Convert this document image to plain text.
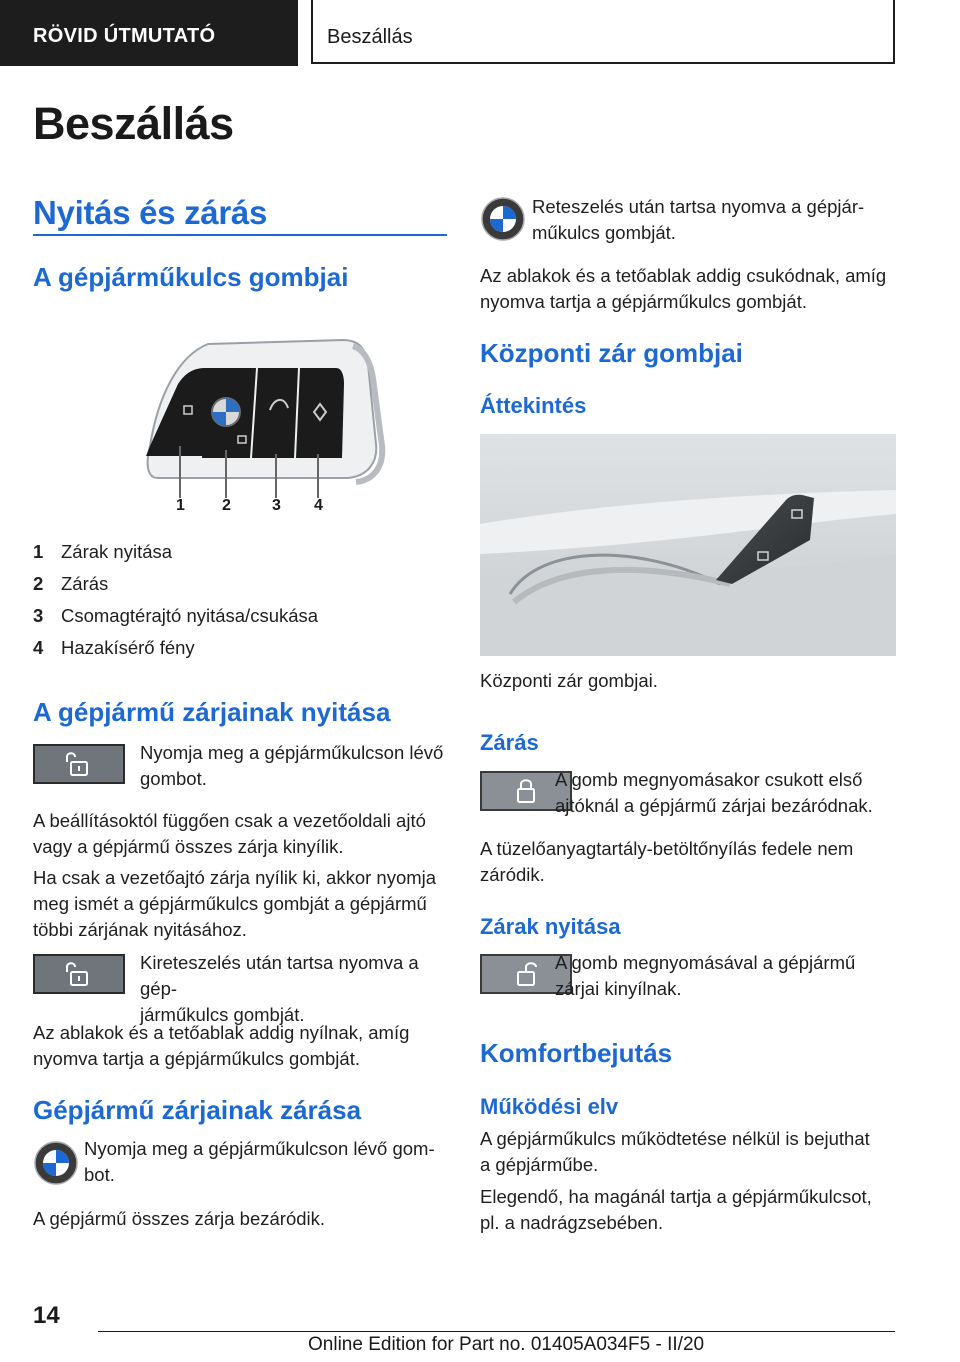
RÖVID ÚTMUTATÓ	Beszállás
Beszállás
Nyitás és zárás
A gépjárműkulcs gombjai
1 2	3 4
1 Zárak nyitása
2 Zárás
3 Csomagtérajtó nyitása/csukása
4 Hazakísérő fény
A gépjármű zárjainak nyitása
Nyomja meg a gépjárműkulcson lévő
gombot.
A beállításoktól függően csak a vezetőoldali ajtó
vagy a gépjármű összes zárja kinyílik.
Ha csak a vezetőajtó zárja nyílik ki, akkor nyomja
meg ismét a gépjárműkulcs gombját a gépjármű
többi zárjának nyitásához.
Kireteszelés után tartsa nyomva a gép‐
járműkulcs gombját.
Az ablakok és a tetőablak addig nyílnak, amíg
nyomva tartja a gépjárműkulcs gombját.
Gépjármű zárjainak zárása
Nyomja meg a gépjárműkulcson lévő gom‐
bot.
A gépjármű összes zárja bezáródik.
Reteszelés után tartsa nyomva a gépjár‐
műkulcs gombját.
Az ablakok és a tetőablak addig csukódnak, amíg
nyomva tartja a gépjárműkulcs gombját.
Központi zár gombjai
Áttekintés
Központi zár gombjai.
Zárás
A gomb megnyomásakor csukott első
ajtóknál a gépjármű zárjai bezáródnak.
A tüzelőanyagtartály-betöltőnyílás fedele nem
záródik.
Zárak nyitása
A gomb megnyomásával a gépjármű
zárjai kinyílnak.
Komfortbejutás
Működési elv
A gépjárműkulcs működtetése nélkül is bejuthat
a gépjárműbe.
Elegendő, ha magánál tartja a gépjárműkulcsot,
pl. a nadrágzsebében.
14
Online Edition for Part no. 01405A034F5 - II/20
